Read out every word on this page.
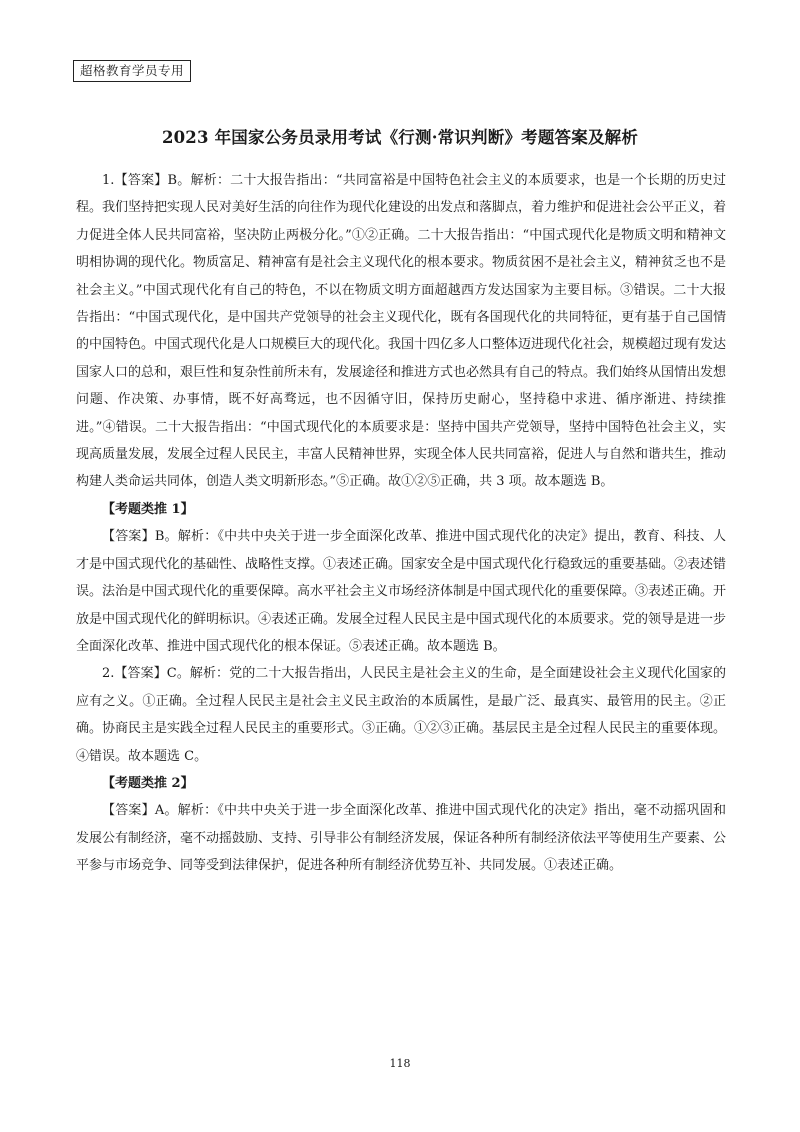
超格教育学员专用
2023 年国家公务员录用考试《行测·常识判断》考题答案及解析

1.【答案】B。解析：二十大报告指出：“共同富裕是中国特色社会主义的本质要求，也是一个长期的历史过程。我们坚持把实现人民对美好生活的向往作为现代化建设的出发点和落脚点，着力维护和促进社会公平正义，着力促进全体人民共同富裕，坚决防止两极分化。”①②正确。二十大报告指出：“中国式现代化是物质文明和精神文明相协调的现代化。物质富足、精神富有是社会主义现代化的根本要求。物质贫困不是社会主义，精神贫乏也不是社会主义。”中国式现代化有自己的特色，不以在物质文明方面超越西方发达国家为主要目标。③错误。二十大报告指出：“中国式现代化，是中国共产党领导的社会主义现代化，既有各国现代化的共同特征，更有基于自己国情的中国特色。中国式现代化是人口规模巨大的现代化。我国十四亿多人口整体迈进现代化社会，规模超过现有发达国家人口的总和，艰巨性和复杂性前所未有，发展途径和推进方式也必然具有自己的特点。我们始终从国情出发想问题、作决策、办事情，既不好高骛远，也不因循守旧，保持历史耐心，坚持稳中求进、循序渐进、持续推进。”④错误。二十大报告指出：“中国式现代化的本质要求是：坚持中国共产党领导，坚持中国特色社会主义，实现高质量发展，发展全过程人民民主，丰富人民精神世界，实现全体人民共同富裕，促进人与自然和谐共生，推动构建人类命运共同体，创造人类文明新形态。”⑤正确。故①②⑤正确，共 3 项。故本题选 B。

【考题类推 1】

【答案】B。解析：《中共中央关于进一步全面深化改革、推进中国式现代化的决定》提出，教育、科技、人才是中国式现代化的基础性、战略性支撑。①表述正确。国家安全是中国式现代化行稳致远的重要基础。②表述错误。法治是中国式现代化的重要保障。高水平社会主义市场经济体制是中国式现代化的重要保障。③表述正确。开放是中国式现代化的鲜明标识。④表述正确。发展全过程人民民主是中国式现代化的本质要求。党的领导是进一步全面深化改革、推进中国式现代化的根本保证。⑤表述正确。故本题选 B。

2.【答案】C。解析：党的二十大报告指出，人民民主是社会主义的生命，是全面建设社会主义现代化国家的应有之义。①正确。全过程人民民主是社会主义民主政治的本质属性，是最广泛、最真实、最管用的民主。②正确。协商民主是实践全过程人民民主的重要形式。③正确。①②③正确。基层民主是全过程人民民主的重要体现。④错误。故本题选 C。

【考题类推 2】

【答案】A。解析：《中共中央关于进一步全面深化改革、推进中国式现代化的决定》指出，毫不动摇巩固和发展公有制经济，毫不动摇鼓励、支持、引导非公有制经济发展，保证各种所有制经济依法平等使用生产要素、公平参与市场竞争、同等受到法律保护，促进各种所有制经济优势互补、共同发展。①表述正确。

118
